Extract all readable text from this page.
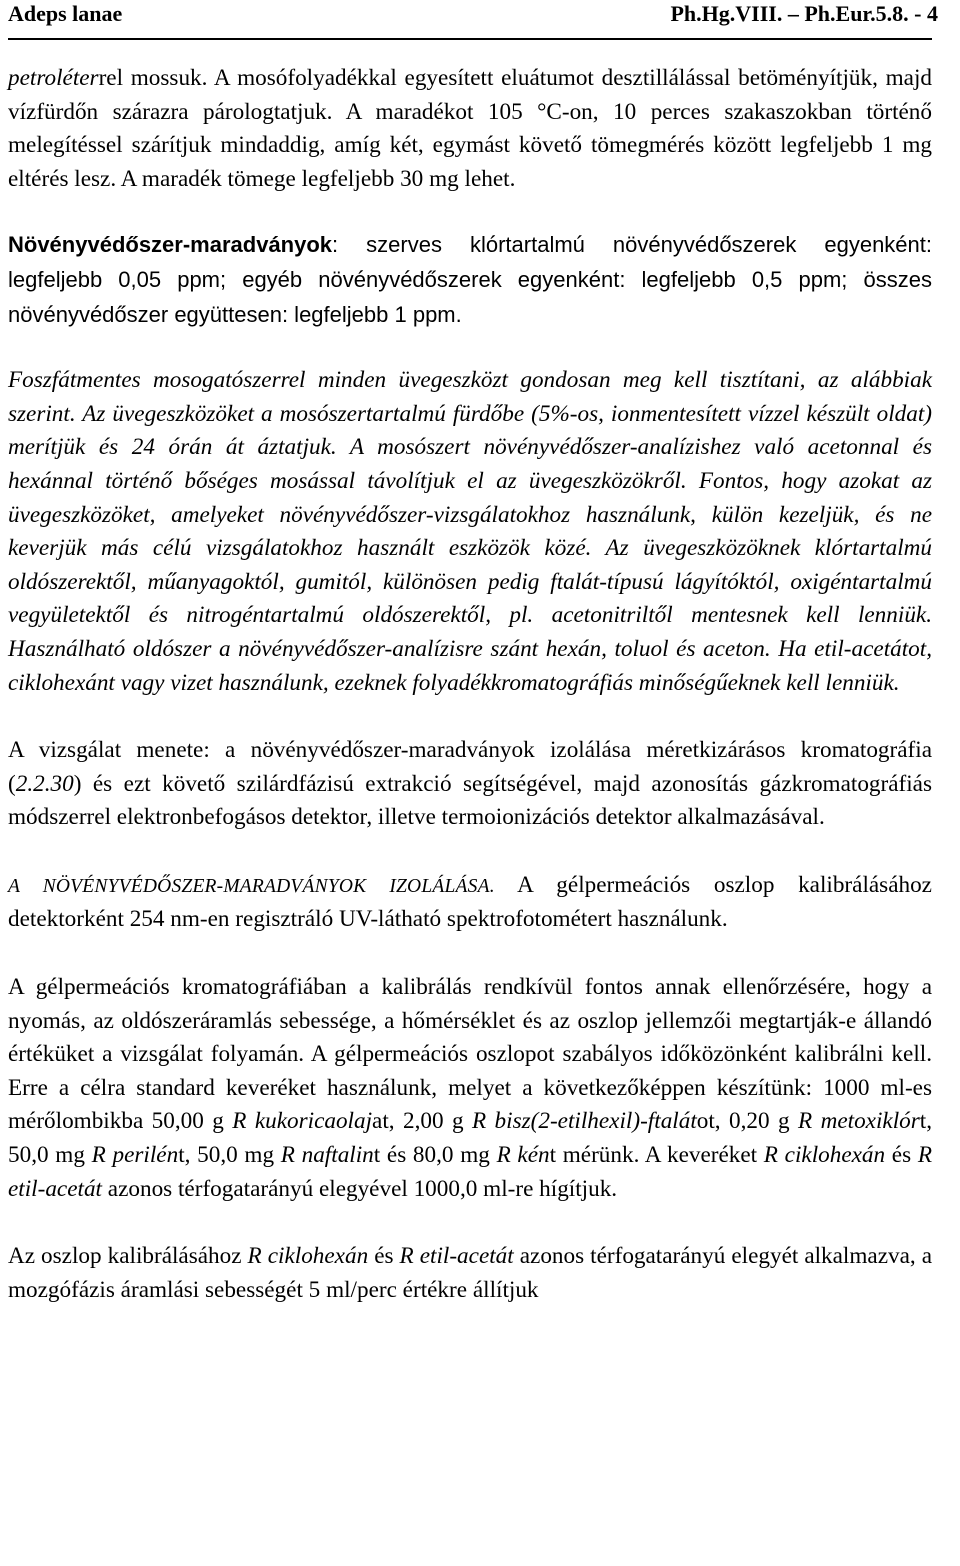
Adeps lanae	Ph.Hg.VIII. – Ph.Eur.5.8. - 4

petroléterrel mossuk. A mosófolyadékkal egyesített eluátumot desztillálással betöményítjük, majd vízfürdőn szárazra párologtatjuk. A maradékot 105 °C-on, 10 perces szakaszokban történő melegítéssel szárítjuk mindaddig, amíg két, egymást követő tömegmérés között legfeljebb 1 mg eltérés lesz. A maradék tömege legfeljebb 30 mg lehet.

Növényvédőszer-maradványok: szerves klórtartalmú növényvédőszerek egyenként: legfeljebb 0,05 ppm; egyéb növényvédőszerek egyenként: legfeljebb 0,5 ppm; összes növényvédőszer együttesen: legfeljebb 1 ppm.

Foszfátmentes mosogatószerrel minden üvegeszközt gondosan meg kell tisztítani, az alábbiak szerint. Az üvegeszközöket a mosószertartalmú fürdőbe (5%-os, ionmentesített vízzel készült oldat) merítjük és 24 órán át áztatjuk. A mosószert növényvédőszer-analízishez való acetonnal és hexánnal történő bőséges mosással távolítjuk el az üvegeszközökről. Fontos, hogy azokat az üvegeszközöket, amelyeket növényvédőszer-vizsgálatokhoz használunk, külön kezeljük, és ne keverjük más célú vizsgálatokhoz használt eszközök közé. Az üvegeszközöknek klórtartalmú oldószerektől, műanyagoktól, gumitól, különösen pedig ftalát-típusú lágyítóktól, oxigéntartalmú vegyületektől és nitrogéntartalmú oldószerektől, pl. acetonitriltől mentesnek kell lenniük. Használható oldószer a növényvédőszer-analízisre szánt hexán, toluol és aceton. Ha etil-acetátot, ciklohexánt vagy vizet használunk, ezeknek folyadékkromatográfiás minőségűeknek kell lenniük.

A vizsgálat menete: a növényvédőszer-maradványok izolálása méretkizárásos kromatográfia (2.2.30) és ezt követő szilárdfázisú extrakció segítségével, majd azonosítás gázkromatográfiás módszerrel elektronbefogásos detektor, illetve termoionizációs detektor alkalmazásával.

A NÖVÉNYVÉDŐSZER-MARADVÁNYOK IZOLÁLÁSA. A gélpermeációs oszlop kalibrálásához detektorként 254 nm-en regisztráló UV-látható spektrofotométert használunk.

A gélpermeációs kromatográfiában a kalibrálás rendkívül fontos annak ellenőrzésére, hogy a nyomás, az oldószeráramlás sebessége, a hőmérséklet és az oszlop jellemzői megtartják-e állandó értéküket a vizsgálat folyamán. A gélpermeációs oszlopot szabályos időközönként kalibrálni kell. Erre a célra standard keveréket használunk, melyet a következőképpen készítünk: 1000 ml-es mérőlombikba 50,00 g R kukoricaolajat, 2,00 g R bisz(2-etilhexil)-ftalátot, 0,20 g R metoxiklórt, 50,0 mg R perilént, 50,0 mg R naftalint és 80,0 mg R ként mérünk. A keveréket R ciklohexán és R etil-acetát azonos térfogatarányú elegyével 1000,0 ml-re hígítjuk.

Az oszlop kalibrálásához R ciklohexán és R etil-acetát azonos térfogatarányú elegyét alkalmazva, a mozgófázis áramlási sebességét 5 ml/perc értékre állítjuk
